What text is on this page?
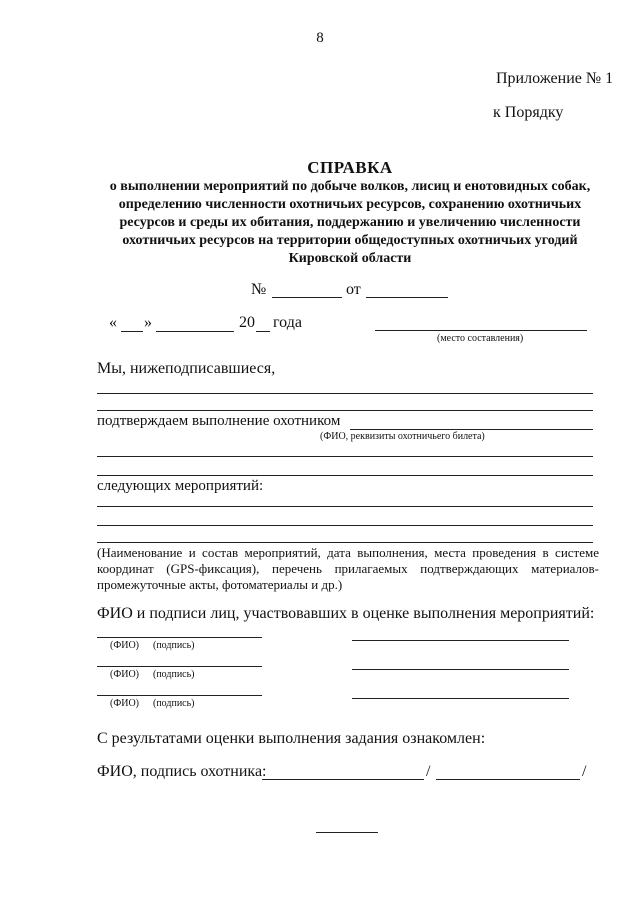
8
Приложение № 1
к Порядку
СПРАВКА
о выполнении мероприятий по добыче волков, лисиц и енотовидных собак, определению численности охотничьих ресурсов, сохранению охотничьих ресурсов и среды их обитания, поддержанию и увеличению численности охотничьих ресурсов на территории общедоступных охотничьих угодий Кировской области
№	от
« »	20 года
(место составления)
Мы, нижеподписавшиеся,
подтверждаем выполнение охотником
(ФИО, реквизиты охотничьего билета)
следующих мероприятий:
(Наименование и состав мероприятий, дата выполнения, места проведения в системе координат (GPS-фиксация), перечень прилагаемых подтверждающих материалов-промежуточные акты, фотоматериалы и др.)
ФИО и подписи лиц, участвовавших в оценке выполнения мероприятий:
(ФИО) (подпись)
(ФИО) (подпись)
(ФИО) (подпись)
С результатами оценки выполнения задания ознакомлен:
ФИО, подпись охотника:	/	/
